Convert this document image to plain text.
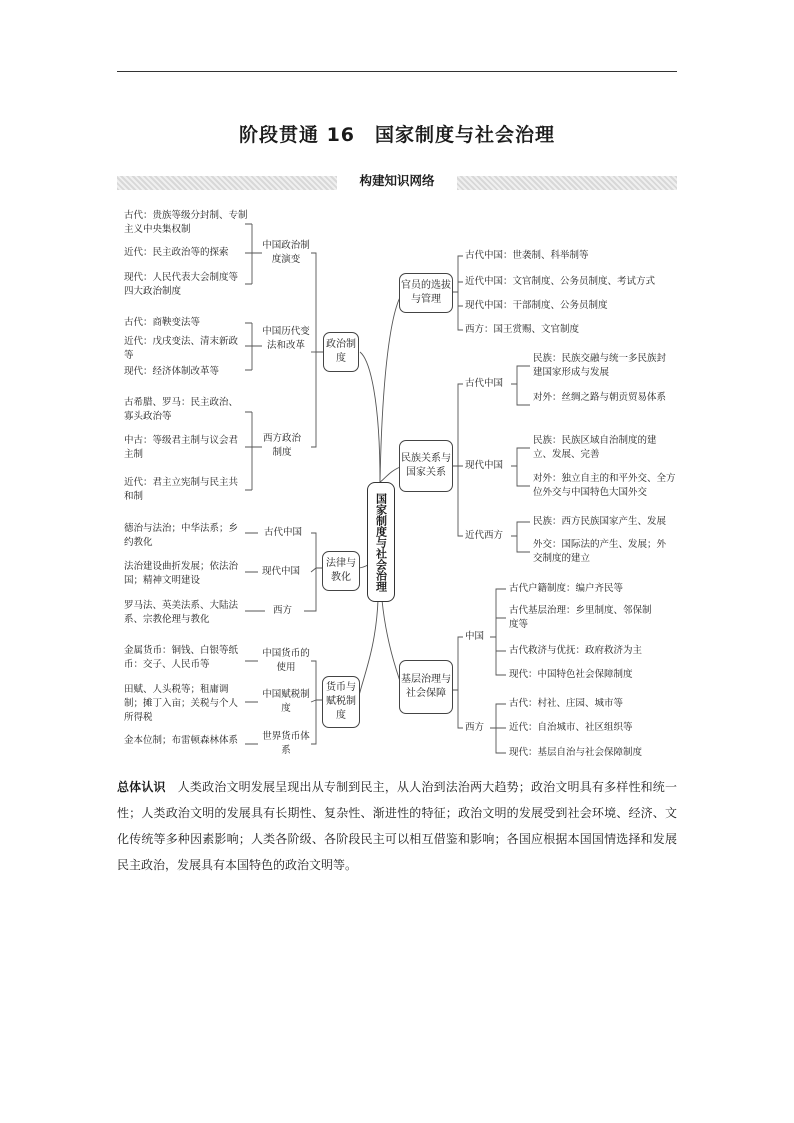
阶段贯通 16　国家制度与社会治理
构建知识网络
国家制度与社会治理
政治制度
官员的选拔与管理
民族关系与国家关系
法律与教化
货币与赋税制度
基层治理与社会保障
中国政治制度演变
中国历代变法和改革
西方政治制度
古代：贵族等级分封制、专制主义中央集权制
近代：民主政治等的探索
现代：人民代表大会制度等四大政治制度
古代：商鞅变法等
近代：戊戌变法、清末新政等
现代：经济体制改革等
古希腊、罗马：民主政治、寡头政治等
中古：等级君主制与议会君主制
近代：君主立宪制与民主共和制
古代中国
现代中国
西方
德治与法治；中华法系；乡约教化
法治建设曲折发展；依法治国；精神文明建设
罗马法、英美法系、大陆法系、宗教伦理与教化
中国货币的使用
中国赋税制度
世界货币体系
金属货币：铜钱、白银等纸币：交子、人民币等
田赋、人头税等；租庸调制；摊丁入亩；关税与个人所得税
金本位制；布雷顿森林体系
古代中国：世袭制、科举制等
近代中国：文官制度、公务员制度、考试方式
现代中国：干部制度、公务员制度
西方：国王赏赐、文官制度
古代中国
现代中国
近代西方
民族：民族交融与统一多民族封建国家形成与发展
对外：丝绸之路与朝贡贸易体系
民族：民族区域自治制度的建立、发展、完善
对外：独立自主的和平外交、全方位外交与中国特色大国外交
民族：西方民族国家产生、发展
外交：国际法的产生、发展；外交制度的建立
中国
西方
古代户籍制度：编户齐民等
古代基层治理：乡里制度、邻保制度等
古代救济与优抚：政府救济为主
现代：中国特色社会保障制度
古代：村社、庄园、城市等
近代：自治城市、社区组织等
现代：基层自治与社会保障制度
总体认识 人类政治文明发展呈现出从专制到民主，从人治到法治两大趋势；政治文明具有多样性和统一性；人类政治文明的发展具有长期性、复杂性、渐进性的特征；政治文明的发展受到社会环境、经济、文化传统等多种因素影响；人类各阶级、各阶段民主可以相互借鉴和影响；各国应根据本国国情选择和发展民主政治，发展具有本国特色的政治文明等。
